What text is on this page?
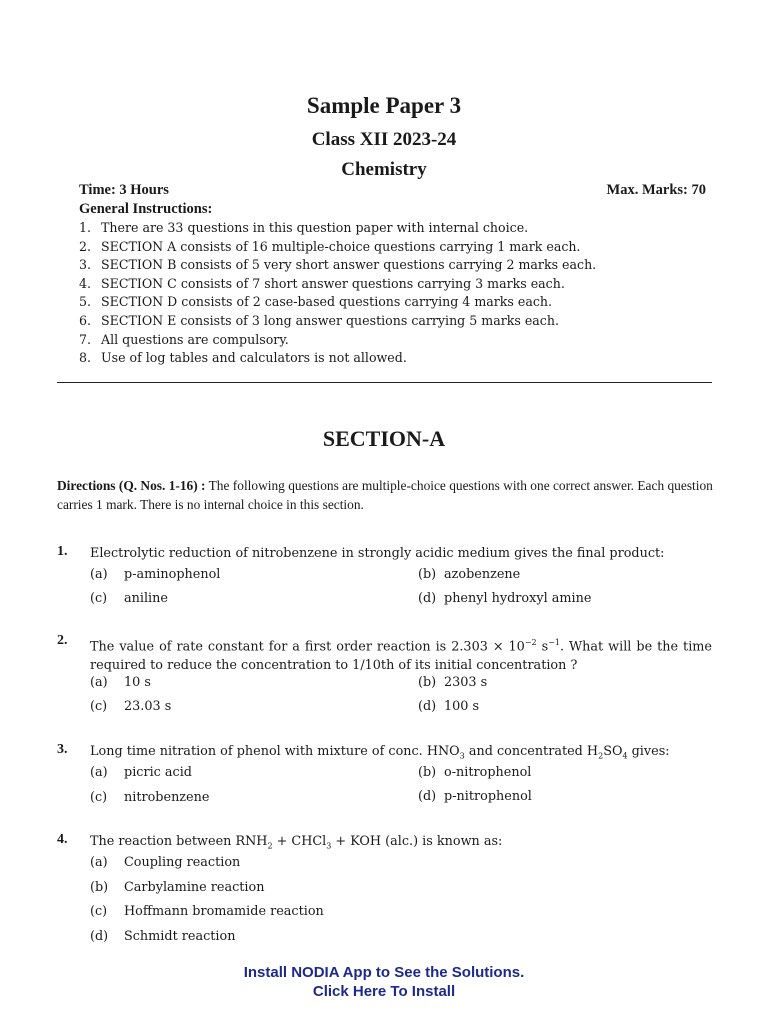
Sample Paper 3
Class XII 2023-24
Chemistry
Time: 3 Hours	Max. Marks: 70
General Instructions:
1. There are 33 questions in this question paper with internal choice.
2. SECTION A consists of 16 multiple-choice questions carrying 1 mark each.
3. SECTION B consists of 5 very short answer questions carrying 2 marks each.
4. SECTION C consists of 7 short answer questions carrying 3 marks each.
5. SECTION D consists of 2 case-based questions carrying 4 marks each.
6. SECTION E consists of 3 long answer questions carrying 5 marks each.
7. All questions are compulsory.
8. Use of log tables and calculators is not allowed.
SECTION-A
Directions (Q. Nos. 1-16) : The following questions are multiple-choice questions with one correct answer. Each question carries 1 mark. There is no internal choice in this section.
1. Electrolytic reduction of nitrobenzene in strongly acidic medium gives the final product:
(a) p-aminophenol	(b) azobenzene
(c) aniline	(d) phenyl hydroxyl amine
2. The value of rate constant for a first order reaction is $2.303 \times 10^{-2}$ $s^{-1}$. What will be the time required to reduce the concentration to 1/10th of its initial concentration ?
(a) 10 s	(b) 2303 s
(c) 23.03 s	(d) 100 s
3. Long time nitration of phenol with mixture of conc. $HNO_3$ and concentrated $H_2SO_4$ gives:
(a) picric acid	(b) o-nitrophenol
(c) nitrobenzene	(d) p-nitrophenol
4. The reaction between $RNH_2$ + CHCl$_3$ + KOH (alc.) is known as:
(a) Coupling reaction
(b) Carbylamine reaction
(c) Hoffmann bromamide reaction
(d) Schmidt reaction
Install NODIA App to See the Solutions.
Click Here To Install
